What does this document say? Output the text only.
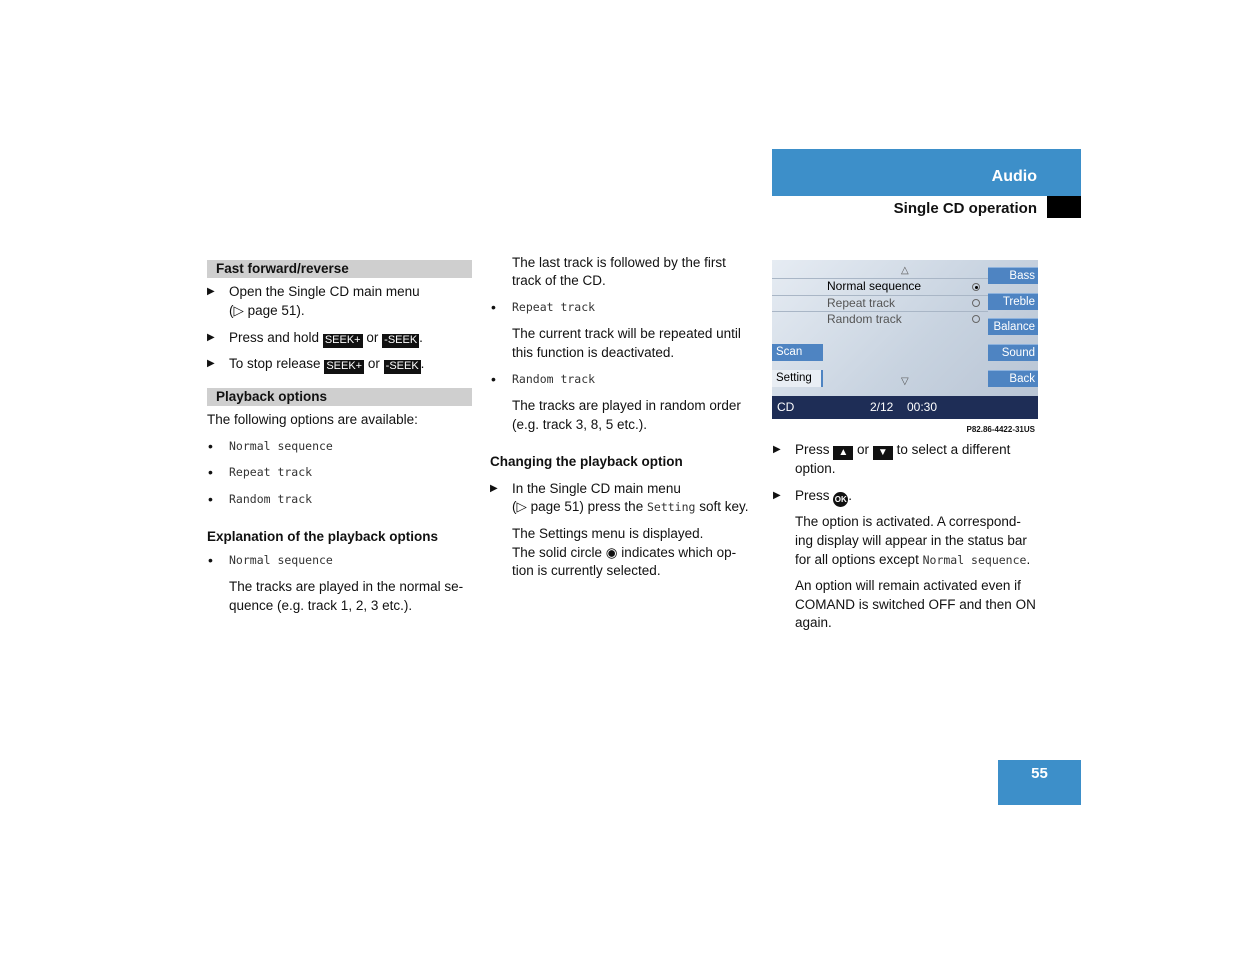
Audio
Single CD operation
Fast forward/reverse
▶ Open the Single CD main menu
(▷ page 51).
▶ Press and hold SEEK+ or -SEEK .
▶ To stop release SEEK+ or -SEEK .
Playback options
The following options are available:
• Normal sequence
• Repeat track
• Random track
Explanation of the playback options
• Normal sequence
The tracks are played in the normal se-
quence (e.g. track 1, 2, 3 etc.).
The last track is followed by the first
track of the CD.
• Repeat track
The current track will be repeated until
this function is deactivated.
• Random track
The tracks are played in random order
(e.g. track 3, 8, 5 etc.).
Changing the playback option
▶ In the Single CD main menu
(▷ page 51) press the Setting soft key.
The Settings menu is displayed.
The solid circle ◉ indicates which op-
tion is currently selected.
△
Normal sequence
Repeat track
Random track
Bass
Treble
Balance
Sound
Back
Scan
Setting	▽
CD	2/12 00:30
P82.86-4422-31US
▶ Press ▲ or ▼ to select a different
option.
▶ Press OK .
The option is activated. A correspond-
ing display will appear in the status bar
for all options except Normal sequence.
An option will remain activated even if
COMAND is switched OFF and then ON
again.
55
